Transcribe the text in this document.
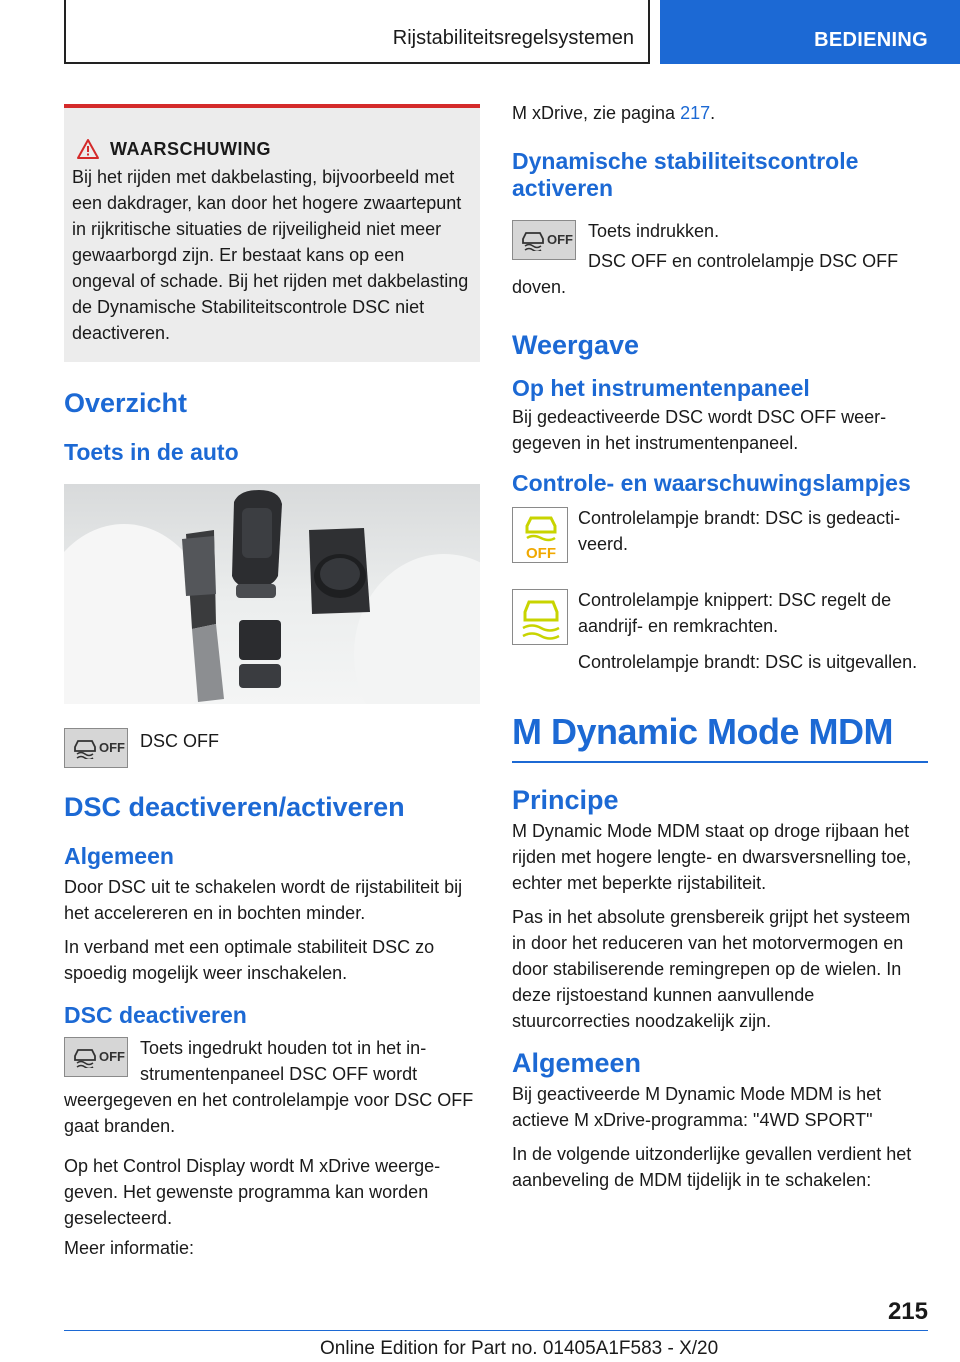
Rijstabiliteitsregelsystemen	BEDIENING
WAARSCHUWING

Bij het rijden met dakbelasting, bijvoorbeeld met een dakdrager, kan door het hogere zwaartepunt in rijkritische situaties de rijveiligheid niet meer gewaarborgd zijn. Er bestaat kans op een ongeval of schade. Bij het rijden met dakbelasting de Dynamische Stabiliteitscontrole DSC niet deactiveren.

Overzicht
Toets in de auto
OFF DSC OFF

DSC deactiveren/activeren
Algemeen

Door DSC uit te schakelen wordt de rijstabiliteit bij het accelereren en in bochten minder.

In verband met een optimale stabiliteit DSC zo spoedig mogelijk weer inschakelen.

DSC deactiveren
OFF Toets ingedrukt houden tot in het instrumentenpaneel DSC OFF wordt weergegeven en het controlelampje voor DSC OFF gaat branden.

Op het Control Display wordt M xDrive weergegeven. Het gewenste programma kan worden geselecteerd.

Meer informatie:

M xDrive, zie pagina 217.

Dynamische stabiliteitscontrole activeren
OFF Toets indrukken.

DSC OFF en controlelampje DSC OFF doven.

Weergave
Op het instrumentenpaneel

Bij gedeactiveerde DSC wordt DSC OFF weergegeven in het instrumentenpaneel.

Controle- en waarschuwingslampjes
OFF

Controlelampje brandt: DSC is gedeactiveerd.

Controlelampje knippert: DSC regelt de aandrijf- en remkrachten.

Controlelampje brandt: DSC is uitgevallen.

M Dynamic Mode MDM
Principe

M Dynamic Mode MDM staat op droge rijbaan het rijden met hogere lengte- en dwarsversnelling toe, echter met beperkte rijstabiliteit.

Pas in het absolute grensbereik grijpt het systeem in door het reduceren van het motorvermogen en door stabiliserende remingrepen op de wielen. In deze rijstoestand kunnen aanvullende stuurcorrecties noodzakelijk zijn.

Algemeen

Bij geactiveerde M Dynamic Mode MDM is het actieve M xDrive-programma: "4WD SPORT"

In de volgende uitzonderlijke gevallen verdient het aanbeveling de MDM tijdelijk in te schakelen:

215
Online Edition for Part no. 01405A1F583 - X/20
